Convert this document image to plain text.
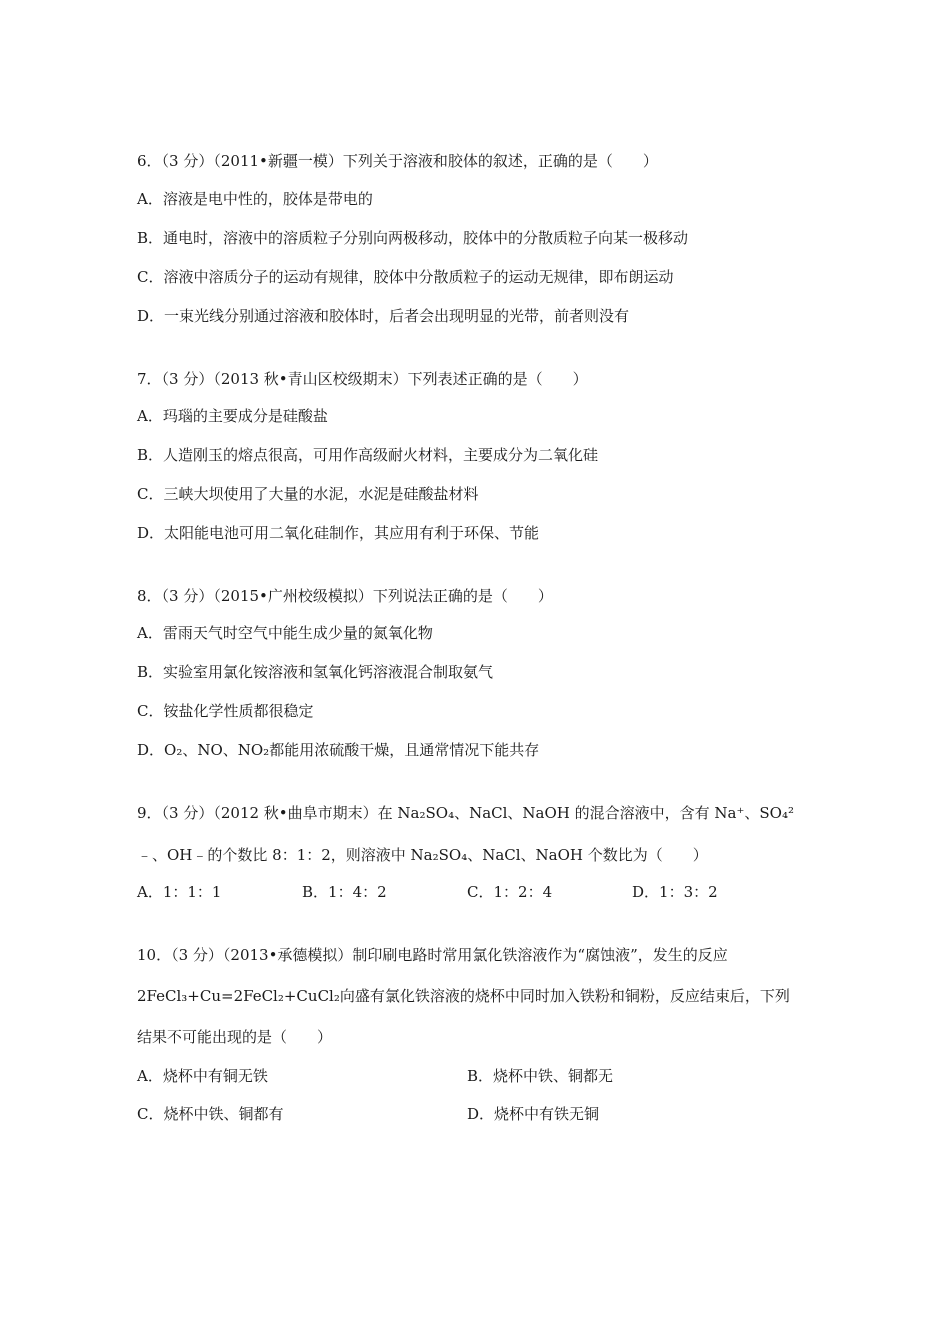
6．（3 分）（2011•新疆一模）下列关于溶液和胶体的叙述，正确的是（　　）
A．溶液是电中性的，胶体是带电的
B．通电时，溶液中的溶质粒子分别向两极移动，胶体中的分散质粒子向某一极移动
C．溶液中溶质分子的运动有规律，胶体中分散质粒子的运动无规律，即布朗运动
D．一束光线分别通过溶液和胶体时，后者会出现明显的光带，前者则没有
7．（3 分）（2013 秋•青山区校级期末）下列表述正确的是（　　）
A．玛瑙的主要成分是硅酸盐
B．人造刚玉的熔点很高，可用作高级耐火材料，主要成分为二氧化硅
C．三峡大坝使用了大量的水泥，水泥是硅酸盐材料
D．太阳能电池可用二氧化硅制作，其应用有利于环保、节能
8．（3 分）（2015•广州校级模拟）下列说法正确的是（　　）
A．雷雨天气时空气中能生成少量的氮氧化物
B．实验室用氯化铵溶液和氢氧化钙溶液混合制取氨气
C．铵盐化学性质都很稳定
D．O₂、NO、NO₂都能用浓硫酸干燥，且通常情况下能共存
9．（3 分）（2012 秋•曲阜市期末）在 Na₂SO₄、NaCl、NaOH 的混合溶液中，含有 Na⁺、SO₄²
﹣、OH﹣的个数比 8：1：2，则溶液中 Na₂SO₄、NaCl、NaOH 个数比为（　　）
A．1：1：1	B．1：4：2	C．1：2：4	D．1：3：2
10．（3 分）（2013•承德模拟）制印刷电路时常用氯化铁溶液作为“腐蚀液”，发生的反应
2FeCl₃+Cu=2FeCl₂+CuCl₂向盛有氯化铁溶液的烧杯中同时加入铁粉和铜粉，反应结束后，下列
结果不可能出现的是（　　）
A．烧杯中有铜无铁	B．烧杯中铁、铜都无
C．烧杯中铁、铜都有	D．烧杯中有铁无铜
